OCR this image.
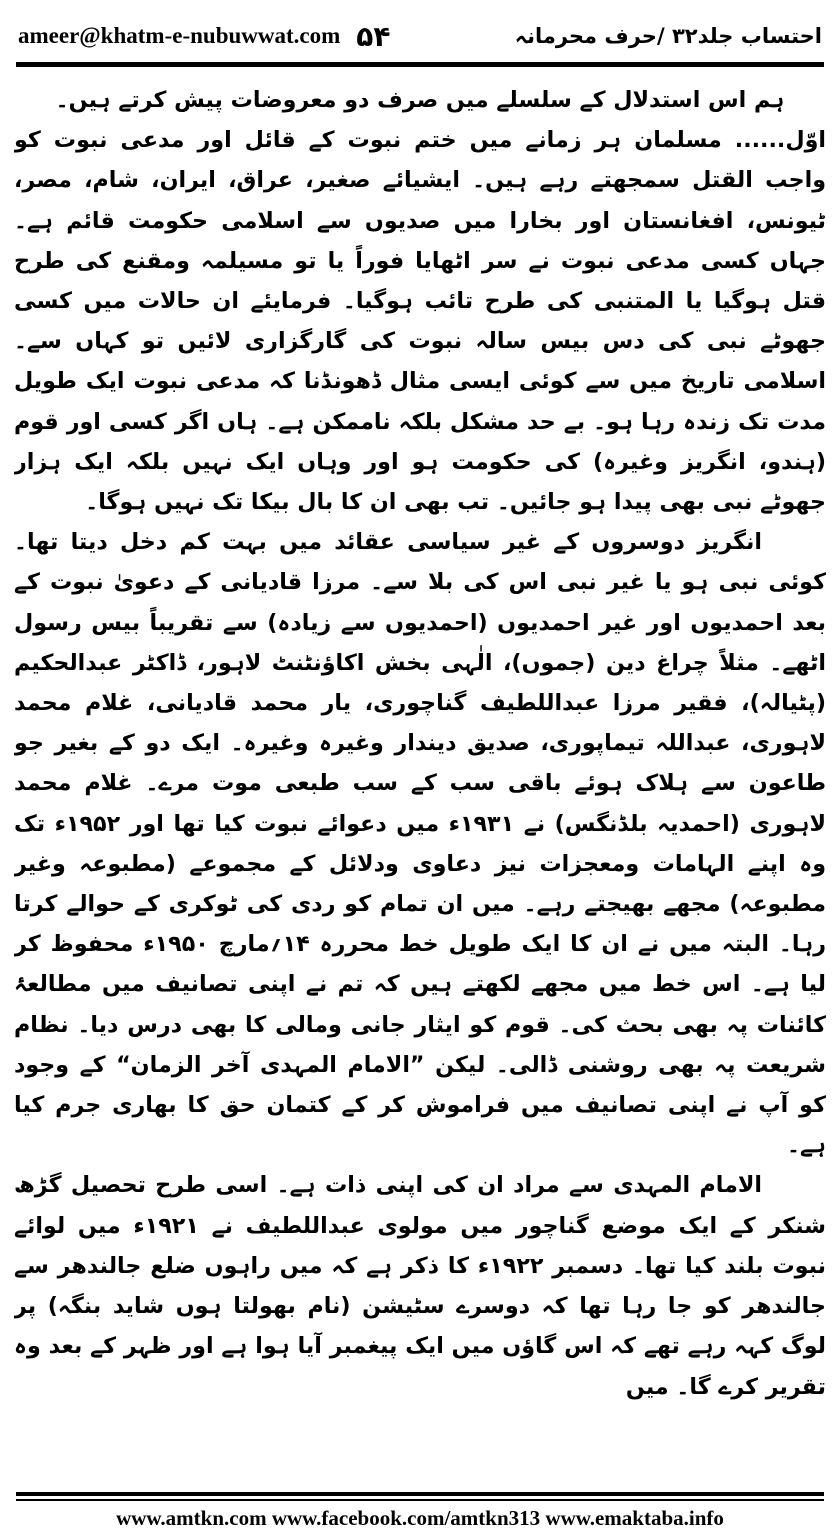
ameer@khatm-e-nubuwwat.com ۵۴	احتساب جلد۳۲ /حرف محرمانہ

ہم اس استدلال کے سلسلے میں صرف دو معروضات پیش کرتے ہیں۔

اوّل...... مسلمان ہر زمانے میں ختم نبوت کے قائل اور مدعی نبوت کو واجب القتل سمجھتے رہے ہیں۔ ایشیائے صغیر، عراق، ایران، شام، مصر، ٹیونس، افغانستان اور بخارا میں صدیوں سے اسلامی حکومت قائم ہے۔ جہاں کسی مدعی نبوت نے سر اٹھایا فوراً یا تو مسیلمہ ومقنع کی طرح قتل ہوگیا یا المتنبی کی طرح تائب ہوگیا۔ فرمایئے ان حالات میں کسی جھوٹے نبی کی دس بیس سالہ نبوت کی گارگزاری لائیں تو کہاں سے۔ اسلامی تاریخ میں سے کوئی ایسی مثال ڈھونڈنا کہ مدعی نبوت ایک طویل مدت تک زندہ رہا ہو۔ بے حد مشکل بلکہ ناممکن ہے۔ ہاں اگر کسی اور قوم (ہندو، انگریز وغیرہ) کی حکومت ہو اور وہاں ایک نہیں بلکہ ایک ہزار جھوٹے نبی بھی پیدا ہو جائیں۔ تب بھی ان کا بال بیکا تک نہیں ہوگا۔

انگریز دوسروں کے غیر سیاسی عقائد میں بہت کم دخل دیتا تھا۔ کوئی نبی ہو یا غیر نبی اس کی بلا سے۔ مرزا قادیانی کے دعویٰ نبوت کے بعد احمدیوں اور غیر احمدیوں (احمدیوں سے زیادہ) سے تقریباً بیس رسول اٹھے۔ مثلاً چراغ دین (جموں)، الٰہی بخش اکاؤنٹنٹ لاہور، ڈاکٹر عبدالحکیم (پٹیالہ)، فقیر مرزا عبداللطیف گناچوری، یار محمد قادیانی، غلام محمد لاہوری، عبداللہ تیماپوری، صدیق دیندار وغیرہ وغیرہ۔ ایک دو کے بغیر جو طاعون سے ہلاک ہوئے باقی سب کے سب طبعی موت مرے۔ غلام محمد لاہوری (احمدیہ بلڈنگس) نے ۱۹۳۱ء میں دعوائے نبوت کیا تھا اور ۱۹۵۲ء تک وہ اپنے الہامات ومعجزات نیز دعاوی ودلائل کے مجموعے (مطبوعہ وغیر مطبوعہ) مجھے بھیجتے رہے۔ میں ان تمام کو ردی کی ٹوکری کے حوالے کرتا رہا۔ البتہ میں نے ان کا ایک طویل خط محررہ ۱۴؍مارچ ۱۹۵۰ء محفوظ کر لیا ہے۔ اس خط میں مجھے لکھتے ہیں کہ تم نے اپنی تصانیف میں مطالعۂ کائنات پہ بھی بحث کی۔ قوم کو ایثار جانی ومالی کا بھی درس دیا۔ نظام شریعت پہ بھی روشنی ڈالی۔ لیکن ”الامام المہدی آخر الزمان“ کے وجود کو آپ نے اپنی تصانیف میں فراموش کر کے کتمان حق کا بھاری جرم کیا ہے۔

الامام المہدی سے مراد ان کی اپنی ذات ہے۔ اسی طرح تحصیل گڑھ شنکر کے ایک موضع گناچور میں مولوی عبداللطیف نے ۱۹۲۱ء میں لوائے نبوت بلند کیا تھا۔ دسمبر ۱۹۲۲ء کا ذکر ہے کہ میں راہوں ضلع جالندھر سے جالندھر کو جا رہا تھا کہ دوسرے سٹیشن (نام بھولتا ہوں شاید بنگہ) پر لوگ کہہ رہے تھے کہ اس گاؤں میں ایک پیغمبر آیا ہوا ہے اور ظہر کے بعد وہ تقریر کرے گا۔ میں

www.amtkn.com www.facebook.com/amtkn313 www.emaktaba.info
